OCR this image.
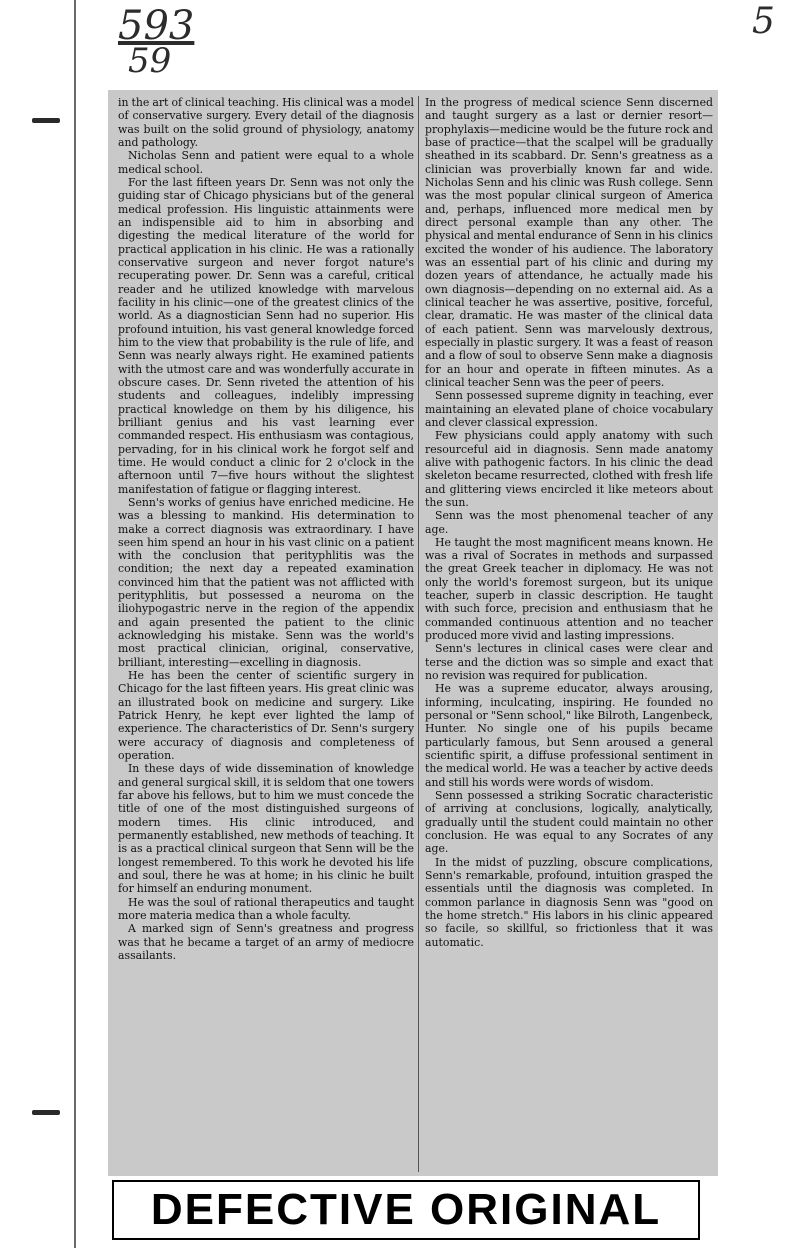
593
59
5

in the art of clinical teaching. His clinical was a model of conservative surgery. Every detail of the diagnosis was built on the solid ground of physiology, anatomy and pathology.

Nicholas Senn and patient were equal to a whole medical school.

For the last fifteen years Dr. Senn was not only the guiding star of Chicago physicians but of the general medical profession. His linguistic attainments were an indispensible aid to him in absorbing and digesting the medical literature of the world for practical application in his clinic. He was a rationally conservative surgeon and never forgot nature's recuperating power. Dr. Senn was a careful, critical reader and he utilized knowledge with marvelous facility in his clinic—one of the greatest clinics of the world. As a diagnostician Senn had no superior. His profound intuition, his vast general knowledge forced him to the view that probability is the rule of life, and Senn was nearly always right. He examined patients with the utmost care and was wonderfully accurate in obscure cases. Dr. Senn riveted the attention of his students and colleagues, indelibly impressing practical knowledge on them by his diligence, his brilliant genius and his vast learning ever commanded respect. His enthusiasm was contagious, pervading, for in his clinical work he forgot self and time. He would conduct a clinic for 2 o'clock in the afternoon until 7—five hours without the slightest manifestation of fatigue or flagging interest.

Senn's works of genius have enriched medicine. He was a blessing to mankind. His determination to make a correct diagnosis was extraordinary. I have seen him spend an hour in his vast clinic on a patient with the conclusion that perityphlitis was the condition; the next day a repeated examination convinced him that the patient was not afflicted with perityphlitis, but possessed a neuroma on the iliohypogastric nerve in the region of the appendix and again presented the patient to the clinic acknowledging his mistake. Senn was the world's most practical clinician, original, conservative, brilliant, interesting—excelling in diagnosis.

He has been the center of scientific surgery in Chicago for the last fifteen years. His great clinic was an illustrated book on medicine and surgery. Like Patrick Henry, he kept ever lighted the lamp of experience. The characteristics of Dr. Senn's surgery were accuracy of diagnosis and completeness of operation.

In these days of wide dissemination of knowledge and general surgical skill, it is seldom that one towers far above his fellows, but to him we must concede the title of one of the most distinguished surgeons of modern times. His clinic introduced, and permanently established, new methods of teaching. It is as a practical clinical surgeon that Senn will be the longest remembered. To this work he devoted his life and soul, there he was at home; in his clinic he built for himself an enduring monument.

He was the soul of rational therapeutics and taught more materia medica than a whole faculty.

A marked sign of Senn's greatness and progress was that he became a target of an army of mediocre assailants.

In the progress of medical science Senn discerned and taught surgery as a last or dernier resort—prophylaxis—medicine would be the future rock and base of practice—that the scalpel will be gradually sheathed in its scabbard. Dr. Senn's greatness as a clinician was proverbially known far and wide. Nicholas Senn and his clinic was Rush college. Senn was the most popular clinical surgeon of America and, perhaps, influenced more medical men by direct personal example than any other. The physical and mental endurance of Senn in his clinics excited the wonder of his audience. The laboratory was an essential part of his clinic and during my dozen years of attendance, he actually made his own diagnosis—depending on no external aid. As a clinical teacher he was assertive, positive, forceful, clear, dramatic. He was master of the clinical data of each patient. Senn was marvelously dextrous, especially in plastic surgery. It was a feast of reason and a flow of soul to observe Senn make a diagnosis for an hour and operate in fifteen minutes. As a clinical teacher Senn was the peer of peers.

Senn possessed supreme dignity in teaching, ever maintaining an elevated plane of choice vocabulary and clever classical expression.

Few physicians could apply anatomy with such resourceful aid in diagnosis. Senn made anatomy alive with pathogenic factors. In his clinic the dead skeleton became resurrected, clothed with fresh life and glittering views encircled it like meteors about the sun.

Senn was the most phenomenal teacher of any age.

He taught the most magnificent means known. He was a rival of Socrates in methods and surpassed the great Greek teacher in diplomacy. He was not only the world's foremost surgeon, but its unique teacher, superb in classic description. He taught with such force, precision and enthusiasm that he commanded continuous attention and no teacher produced more vivid and lasting impressions.

Senn's lectures in clinical cases were clear and terse and the diction was so simple and exact that no revision was required for publication.

He was a supreme educator, always arousing, informing, inculcating, inspiring. He founded no personal or "Senn school," like Bilroth, Langenbeck, Hunter. No single one of his pupils became particularly famous, but Senn aroused a general scientific spirit, a diffuse professional sentiment in the medical world. He was a teacher by active deeds and still his words were words of wisdom.

Senn possessed a striking Socratic characteristic of arriving at conclusions, logically, analytically, gradually until the student could maintain no other conclusion. He was equal to any Socrates of any age.

In the midst of puzzling, obscure complications, Senn's remarkable, profound, intuition grasped the essentials until the diagnosis was completed. In common parlance in diagnosis Senn was "good on the home stretch." His labors in his clinic appeared so facile, so skillful, so frictionless that it was automatic.

DEFECTIVE ORIGINAL
